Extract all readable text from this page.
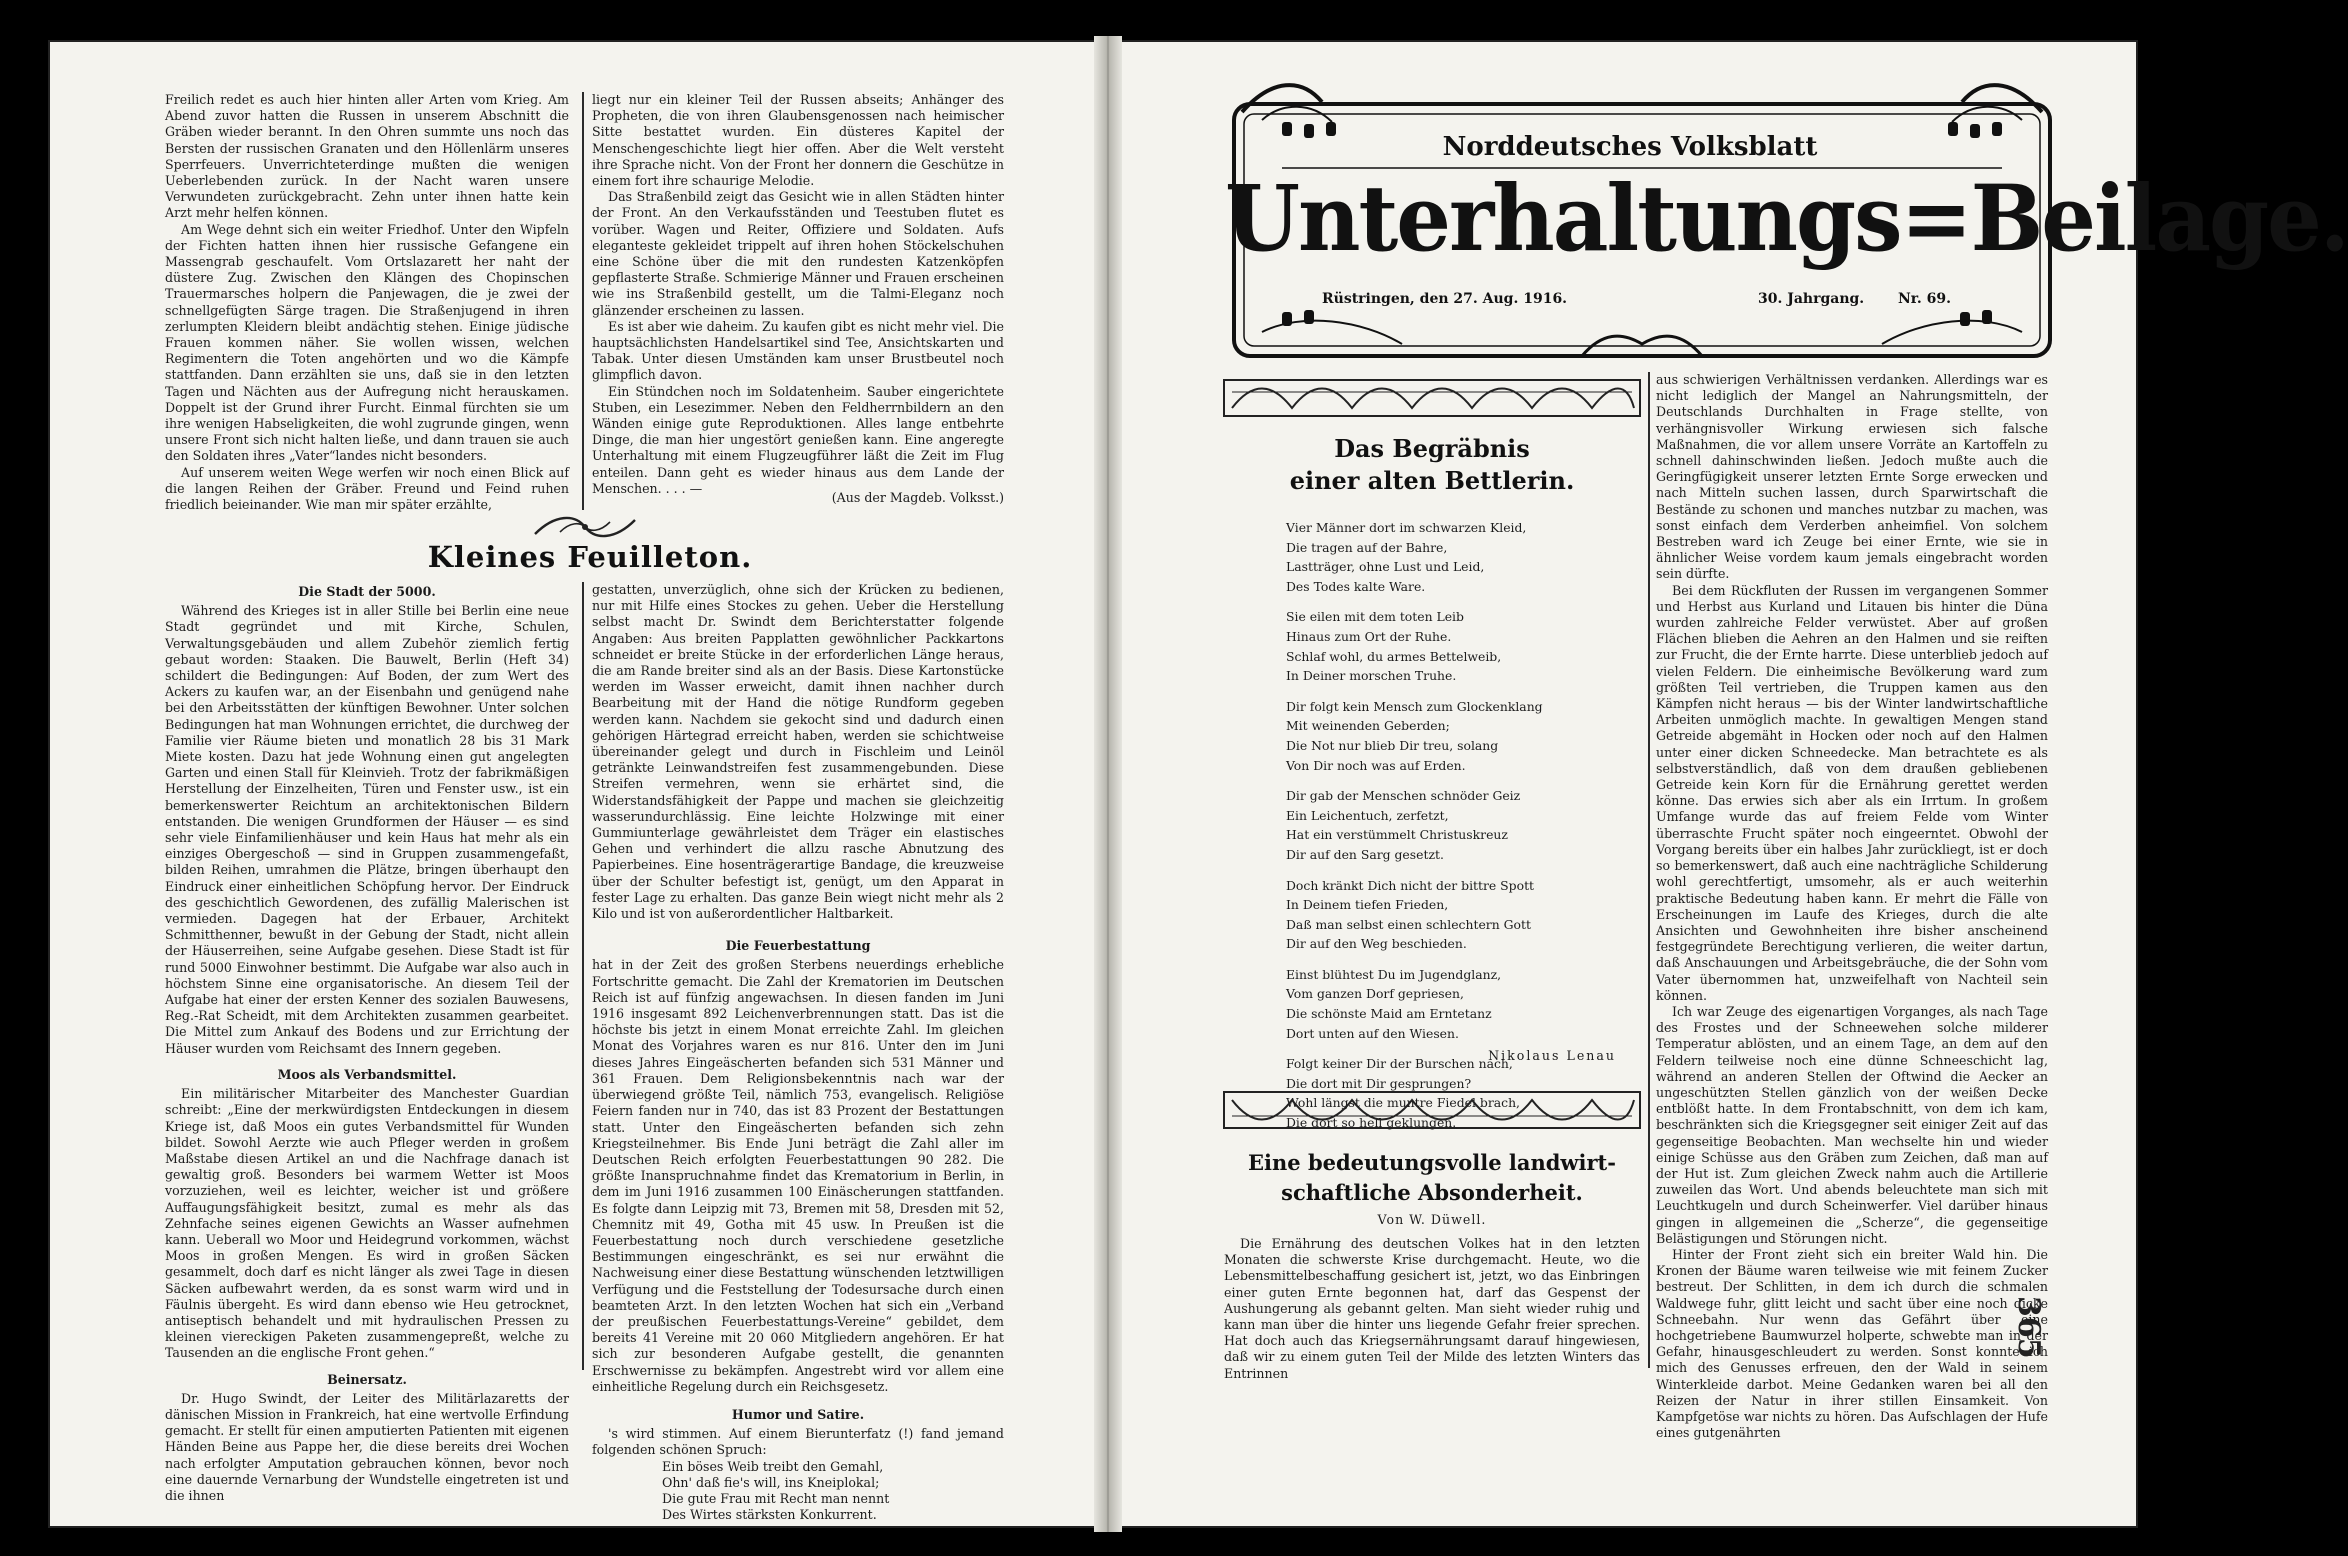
Freilich redet es auch hier hinten aller Arten vom Krieg. Am Abend zuvor hatten die Russen in unserem Abschnitt die Gräben wieder berannt. In den Ohren summte uns noch das Bersten der russischen Granaten und den Höllenlärm unseres Sperrfeuers. Unverrichteterdinge mußten die wenigen Ueberlebenden zurück. In der Nacht waren unsere Verwundeten zurückgebracht. Zehn unter ihnen hatte kein Arzt mehr helfen können.

Am Wege dehnt sich ein weiter Friedhof. Unter den Wipfeln der Fichten hatten ihnen hier russische Gefangene ein Massengrab geschaufelt. Vom Ortslazarett her naht der düstere Zug. Zwischen den Klängen des Chopinschen Trauermarsches holpern die Panjewagen, die je zwei der schnellgefügten Särge tragen. Die Straßenjugend in ihren zerlumpten Kleidern bleibt andächtig stehen. Einige jüdische Frauen kommen näher. Sie wollen wissen, welchen Regimentern die Toten angehörten und wo die Kämpfe stattfanden. Dann erzählten sie uns, daß sie in den letzten Tagen und Nächten aus der Aufregung nicht herauskamen. Doppelt ist der Grund ihrer Furcht. Einmal fürchten sie um ihre wenigen Habseligkeiten, die wohl zugrunde gingen, wenn unsere Front sich nicht halten ließe, und dann trauen sie auch den Soldaten ihres „Vater“landes nicht besonders.

Auf unserem weiten Wege werfen wir noch einen Blick auf die langen Reihen der Gräber. Freund und Feind ruhen friedlich beieinander. Wie man mir später erzählte,

liegt nur ein kleiner Teil der Russen abseits; Anhänger des Propheten, die von ihren Glaubensgenossen nach heimischer Sitte bestattet wurden. Ein düsteres Kapitel der Menschengeschichte liegt hier offen. Aber die Welt versteht ihre Sprache nicht. Von der Front her donnern die Geschütze in einem fort ihre schaurige Melodie.

Das Straßenbild zeigt das Gesicht wie in allen Städten hinter der Front. An den Verkaufsständen und Teestuben flutet es vorüber. Wagen und Reiter, Offiziere und Soldaten. Aufs eleganteste gekleidet trippelt auf ihren hohen Stöckelschuhen eine Schöne über die mit den rundesten Katzenköpfen gepflasterte Straße. Schmierige Männer und Frauen erscheinen wie ins Straßenbild gestellt, um die Talmi-Eleganz noch glänzender erscheinen zu lassen.

Es ist aber wie daheim. Zu kaufen gibt es nicht mehr viel. Die hauptsächlichsten Handelsartikel sind Tee, Ansichtskarten und Tabak. Unter diesen Umständen kam unser Brustbeutel noch glimpflich davon.

Ein Stündchen noch im Soldatenheim. Sauber eingerichtete Stuben, ein Lesezimmer. Neben den Feldherrnbildern an den Wänden einige gute Reproduktionen. Alles lange entbehrte Dinge, die man hier ungestört genießen kann. Eine angeregte Unterhaltung mit einem Flugzeugführer läßt die Zeit im Flug enteilen. Dann geht es wieder hinaus aus dem Lande der Menschen. . . . —

(Aus der Magdeb. Volksst.)

Kleines Feuilleton.
Die Stadt der 5000.

Während des Krieges ist in aller Stille bei Berlin eine neue Stadt gegründet und mit Kirche, Schulen, Verwaltungsgebäuden und allem Zubehör ziemlich fertig gebaut worden: Staaken. Die Bauwelt, Berlin (Heft 34) schildert die Bedingungen: Auf Boden, der zum Wert des Ackers zu kaufen war, an der Eisenbahn und genügend nahe bei den Arbeitsstätten der künftigen Bewohner. Unter solchen Bedingungen hat man Wohnungen errichtet, die durchweg der Familie vier Räume bieten und monatlich 28 bis 31 Mark Miete kosten. Dazu hat jede Wohnung einen gut angelegten Garten und einen Stall für Kleinvieh. Trotz der fabrikmäßigen Herstellung der Einzelheiten, Türen und Fenster usw., ist ein bemerkenswerter Reichtum an architektonischen Bildern entstanden. Die wenigen Grundformen der Häuser — es sind sehr viele Einfamilienhäuser und kein Haus hat mehr als ein einziges Obergeschoß — sind in Gruppen zusammengefaßt, bilden Reihen, umrahmen die Plätze, bringen überhaupt den Eindruck einer einheitlichen Schöpfung hervor. Der Eindruck des geschichtlich Gewordenen, des zufällig Malerischen ist vermieden. Dagegen hat der Erbauer, Architekt Schmitthenner, bewußt in der Gebung der Stadt, nicht allein der Häuserreihen, seine Aufgabe gesehen. Diese Stadt ist für rund 5000 Einwohner bestimmt. Die Aufgabe war also auch in höchstem Sinne eine organisatorische. An diesem Teil der Aufgabe hat einer der ersten Kenner des sozialen Bauwesens, Reg.-Rat Scheidt, mit dem Architekten zusammen gearbeitet. Die Mittel zum Ankauf des Bodens und zur Errichtung der Häuser wurden vom Reichsamt des Innern gegeben.

Moos als Verbandsmittel.

Ein militärischer Mitarbeiter des Manchester Guardian schreibt: „Eine der merkwürdigsten Entdeckungen in diesem Kriege ist, daß Moos ein gutes Verbandsmittel für Wunden bildet. Sowohl Aerzte wie auch Pfleger werden in großem Maßstabe diesen Artikel an und die Nachfrage danach ist gewaltig groß. Besonders bei warmem Wetter ist Moos vorzuziehen, weil es leichter, weicher ist und größere Auffaugungsfähigkeit besitzt, zumal es mehr als das Zehnfache seines eigenen Gewichts an Wasser aufnehmen kann. Ueberall wo Moor und Heidegrund vorkommen, wächst Moos in großen Mengen. Es wird in großen Säcken gesammelt, doch darf es nicht länger als zwei Tage in diesen Säcken aufbewahrt werden, da es sonst warm wird und in Fäulnis übergeht. Es wird dann ebenso wie Heu getrocknet, antiseptisch behandelt und mit hydraulischen Pressen zu kleinen viereckigen Paketen zusammengepreßt, welche zu Tausenden an die englische Front gehen.“

Beinersatz.

Dr. Hugo Swindt, der Leiter des Militärlazaretts der dänischen Mission in Frankreich, hat eine wertvolle Erfindung gemacht. Er stellt für einen amputierten Patienten mit eigenen Händen Beine aus Pappe her, die diese bereits drei Wochen nach erfolgter Amputation gebrauchen können, bevor noch eine dauernde Vernarbung der Wundstelle eingetreten ist und die ihnen

gestatten, unverzüglich, ohne sich der Krücken zu bedienen, nur mit Hilfe eines Stockes zu gehen. Ueber die Herstellung selbst macht Dr. Swindt dem Berichterstatter folgende Angaben: Aus breiten Papplatten gewöhnlicher Packkartons schneidet er breite Stücke in der erforderlichen Länge heraus, die am Rande breiter sind als an der Basis. Diese Kartonstücke werden im Wasser erweicht, damit ihnen nachher durch Bearbeitung mit der Hand die nötige Rundform gegeben werden kann. Nachdem sie gekocht sind und dadurch einen gehörigen Härtegrad erreicht haben, werden sie schichtweise übereinander gelegt und durch in Fischleim und Leinöl getränkte Leinwandstreifen fest zusammengebunden. Diese Streifen vermehren, wenn sie erhärtet sind, die Widerstandsfähigkeit der Pappe und machen sie gleichzeitig wasserundurchlässig. Eine leichte Holzwinge mit einer Gummiunterlage gewährleistet dem Träger ein elastisches Gehen und verhindert die allzu rasche Abnutzung des Papierbeines. Eine hosenträgerartige Bandage, die kreuzweise über der Schulter befestigt ist, genügt, um den Apparat in fester Lage zu erhalten. Das ganze Bein wiegt nicht mehr als 2 Kilo und ist von außerordentlicher Haltbarkeit.

Die Feuerbestattung

hat in der Zeit des großen Sterbens neuerdings erhebliche Fortschritte gemacht. Die Zahl der Krematorien im Deutschen Reich ist auf fünfzig angewachsen. In diesen fanden im Juni 1916 insgesamt 892 Leichenverbrennungen statt. Das ist die höchste bis jetzt in einem Monat erreichte Zahl. Im gleichen Monat des Vorjahres waren es nur 816. Unter den im Juni dieses Jahres Eingeäscherten befanden sich 531 Männer und 361 Frauen. Dem Religionsbekenntnis nach war der überwiegend größte Teil, nämlich 753, evangelisch. Religiöse Feiern fanden nur in 740, das ist 83 Prozent der Bestattungen statt. Unter den Eingeäscherten befanden sich zehn Kriegsteilnehmer. Bis Ende Juni beträgt die Zahl aller im Deutschen Reich erfolgten Feuerbestattungen 90 282. Die größte Inanspruchnahme findet das Krematorium in Berlin, in dem im Juni 1916 zusammen 100 Einäscherungen stattfanden. Es folgte dann Leipzig mit 73, Bremen mit 58, Dresden mit 52, Chemnitz mit 49, Gotha mit 45 usw. In Preußen ist die Feuerbestattung noch durch verschiedene gesetzliche Bestimmungen eingeschränkt, es sei nur erwähnt die Nachweisung einer diese Bestattung wünschenden letztwilligen Verfügung und die Feststellung der Todesursache durch einen beamteten Arzt. In den letzten Wochen hat sich ein „Verband der preußischen Feuerbestattungs-Vereine“ gebildet, dem bereits 41 Vereine mit 20 060 Mitgliedern angehören. Er hat sich zur besonderen Aufgabe gestellt, die genannten Erschwernisse zu bekämpfen. Angestrebt wird vor allem eine einheitliche Regelung durch ein Reichsgesetz.

Humor und Satire.

's wird stimmen. Auf einem Bierunterfatz (!) fand jemand folgenden schönen Spruch:

Ein böses Weib treibt den Gemahl,
Ohn' daß fie's will, ins Kneiplokal;
Die gute Frau mit Recht man nennt
Des Wirtes stärksten Konkurrent.
Norddeutsches Volksblatt
Unterhaltungs=Beilage.
Rüstringen, den 27. Aug. 1916.	30. Jahrgang. Nr. 69.
Das Begräbnis
einer alten Bettlerin.
Vier Männer dort im schwarzen Kleid,
Die tragen auf der Bahre,
Lastträger, ohne Lust und Leid,
Des Todes kalte Ware.
Sie eilen mit dem toten Leib
Hinaus zum Ort der Ruhe.
Schlaf wohl, du armes Bettelweib,
In Deiner morschen Truhe.
Dir folgt kein Mensch zum Glockenklang
Mit weinenden Geberden;
Die Not nur blieb Dir treu, solang
Von Dir noch was auf Erden.
Dir gab der Menschen schnöder Geiz
Ein Leichentuch, zerfetzt,
Hat ein verstümmelt Christuskreuz
Dir auf den Sarg gesetzt.
Doch kränkt Dich nicht der bittre Spott
In Deinem tiefen Frieden,
Daß man selbst einen schlechtern Gott
Dir auf den Weg beschieden.
Einst blühtest Du im Jugendglanz,
Vom ganzen Dorf gepriesen,
Die schönste Maid am Erntetanz
Dort unten auf den Wiesen.
Folgt keiner Dir der Burschen nach,
Die dort mit Dir gesprungen?
Wohl längst die muntre Fiedel brach,
Die dort so hell geklungen.

Nikolaus Lenau

Eine bedeutungsvolle landwirt-
schaftliche Absonderheit.

Von W. Düwell.

Die Ernährung des deutschen Volkes hat in den letzten Monaten die schwerste Krise durchgemacht. Heute, wo die Lebensmittelbeschaffung gesichert ist, jetzt, wo das Einbringen einer guten Ernte begonnen hat, darf das Gespenst der Aushungerung als gebannt gelten. Man sieht wieder ruhig und kann man über die hinter uns liegende Gefahr freier sprechen. Hat doch auch das Kriegsernährungsamt darauf hingewiesen, daß wir zu einem guten Teil der Milde des letzten Winters das Entrinnen

aus schwierigen Verhältnissen verdanken. Allerdings war es nicht lediglich der Mangel an Nahrungsmitteln, der Deutschlands Durchhalten in Frage stellte, von verhängnisvoller Wirkung erwiesen sich falsche Maßnahmen, die vor allem unsere Vorräte an Kartoffeln zu schnell dahinschwinden ließen. Jedoch mußte auch die Geringfügigkeit unserer letzten Ernte Sorge erwecken und nach Mitteln suchen lassen, durch Sparwirtschaft die Bestände zu schonen und manches nutzbar zu machen, was sonst einfach dem Verderben anheimfiel. Von solchem Bestreben ward ich Zeuge bei einer Ernte, wie sie in ähnlicher Weise vordem kaum jemals eingebracht worden sein dürfte.

Bei dem Rückfluten der Russen im vergangenen Sommer und Herbst aus Kurland und Litauen bis hinter die Düna wurden zahlreiche Felder verwüstet. Aber auf großen Flächen blieben die Aehren an den Halmen und sie reiften zur Frucht, die der Ernte harrte. Diese unterblieb jedoch auf vielen Feldern. Die einheimische Bevölkerung ward zum größten Teil vertrieben, die Truppen kamen aus den Kämpfen nicht heraus — bis der Winter landwirtschaftliche Arbeiten unmöglich machte. In gewaltigen Mengen stand Getreide abgemäht in Hocken oder noch auf den Halmen unter einer dicken Schneedecke. Man betrachtete es als selbstverständlich, daß von dem draußen gebliebenen Getreide kein Korn für die Ernährung gerettet werden könne. Das erwies sich aber als ein Irrtum. In großem Umfange wurde das auf freiem Felde vom Winter überraschte Frucht später noch eingeerntet. Obwohl der Vorgang bereits über ein halbes Jahr zurückliegt, ist er doch so bemerkenswert, daß auch eine nachträgliche Schilderung wohl gerechtfertigt, umsomehr, als er auch weiterhin praktische Bedeutung haben kann. Er mehrt die Fälle von Erscheinungen im Laufe des Krieges, durch die alte Ansichten und Gewohnheiten ihre bisher anscheinend festgegründete Berechtigung verlieren, die weiter dartun, daß Anschauungen und Arbeitsgebräuche, die der Sohn vom Vater übernommen hat, unzweifelhaft von Nachteil sein können.

Ich war Zeuge des eigenartigen Vorganges, als nach Tage des Frostes und der Schneewehen solche milderer Temperatur ablösten, und an einem Tage, an dem auf den Feldern teilweise noch eine dünne Schneeschicht lag, während an anderen Stellen der Oftwind die Aecker an ungeschützten Stellen gänzlich von der weißen Decke entblößt hatte. In dem Frontabschnitt, von dem ich kam, beschränkten sich die Kriegsgegner seit einiger Zeit auf das gegenseitige Beobachten. Man wechselte hin und wieder einige Schüsse aus den Gräben zum Zeichen, daß man auf der Hut ist. Zum gleichen Zweck nahm auch die Artillerie zuweilen das Wort. Und abends beleuchtete man sich mit Leuchtkugeln und durch Scheinwerfer. Viel darüber hinaus gingen in allgemeinen die „Scherze“, die gegenseitige Belästigungen und Störungen nicht.

Hinter der Front zieht sich ein breiter Wald hin. Die Kronen der Bäume waren teilweise wie mit feinem Zucker bestreut. Der Schlitten, in dem ich durch die schmalen Waldwege fuhr, glitt leicht und sacht über eine noch dicke Schneebahn. Nur wenn das Gefährt über eine hochgetriebene Baumwurzel holperte, schwebte man in der Gefahr, hinausgeschleudert zu werden. Sonst konnte ich mich des Genusses erfreuen, den der Wald in seinem Winterkleide darbot. Meine Gedanken waren bei all den Reizen der Natur in ihrer stillen Einsamkeit. Von Kampfgetöse war nichts zu hören. Das Aufschlagen der Hufe eines gutgenährten

365
